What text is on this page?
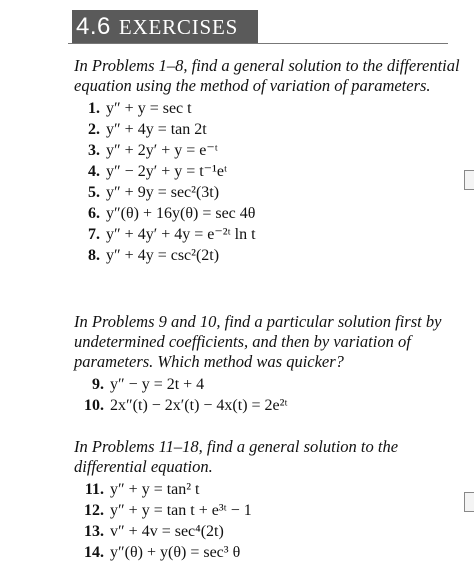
4.6 EXERCISES

In Problems 1–8, find a general solution to the differential equation using the method of variation of parameters.

1. y″ + y = sec t
2. y″ + 4y = tan 2t
3. y″ + 2y′ + y = e⁻ᵗ
4. y″ − 2y′ + y = t⁻¹eᵗ
5. y″ + 9y = sec²(3t)
6. y″(θ) + 16y(θ) = sec 4θ
7. y″ + 4y′ + 4y = e⁻²ᵗ ln t
8. y″ + 4y = csc²(2t)

In Problems 9 and 10, find a particular solution first by undetermined coefficients, and then by variation of parameters. Which method was quicker?

9. y″ − y = 2t + 4
10. 2x″(t) − 2x′(t) − 4x(t) = 2e²ᵗ

In Problems 11–18, find a general solution to the differential equation.

11. y″ + y = tan² t
12. y″ + y = tan t + e³ᵗ − 1
13. v″ + 4v = sec⁴(2t)
14. y″(θ) + y(θ) = sec³ θ
